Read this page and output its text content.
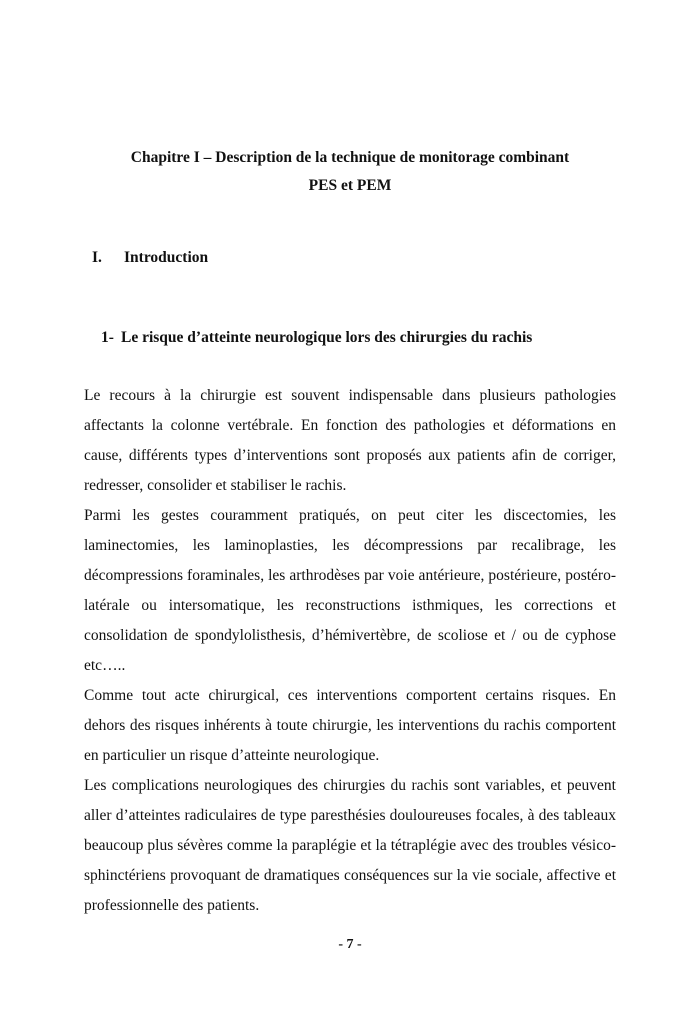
Chapitre I – Description de la technique de monitorage combinant
PES et PEM
I. Introduction
1- Le risque d’atteinte neurologique lors des chirurgies du rachis

Le recours à la chirurgie est souvent indispensable dans plusieurs pathologies affectants la colonne vertébrale. En fonction des pathologies et déformations en cause, différents types d’interventions sont proposés aux patients afin de corriger, redresser, consolider et stabiliser le rachis.

Parmi les gestes couramment pratiqués, on peut citer les discectomies, les laminectomies, les laminoplasties, les décompressions par recalibrage, les décompressions foraminales, les arthrodèses par voie antérieure, postérieure, postéro-latérale ou intersomatique, les reconstructions isthmiques, les corrections et consolidation de spondylolisthesis, d’hémivertèbre, de scoliose et / ou de cyphose etc…..

Comme tout acte chirurgical, ces interventions comportent certains risques. En dehors des risques inhérents à toute chirurgie, les interventions du rachis comportent en particulier un risque d’atteinte neurologique.

Les complications neurologiques des chirurgies du rachis sont variables, et peuvent aller d’atteintes radiculaires de type paresthésies douloureuses focales, à des tableaux beaucoup plus sévères comme la paraplégie et la tétraplégie avec des troubles vésico-sphinctériens provoquant de dramatiques conséquences sur la vie sociale, affective et professionnelle des patients.

- 7 -
